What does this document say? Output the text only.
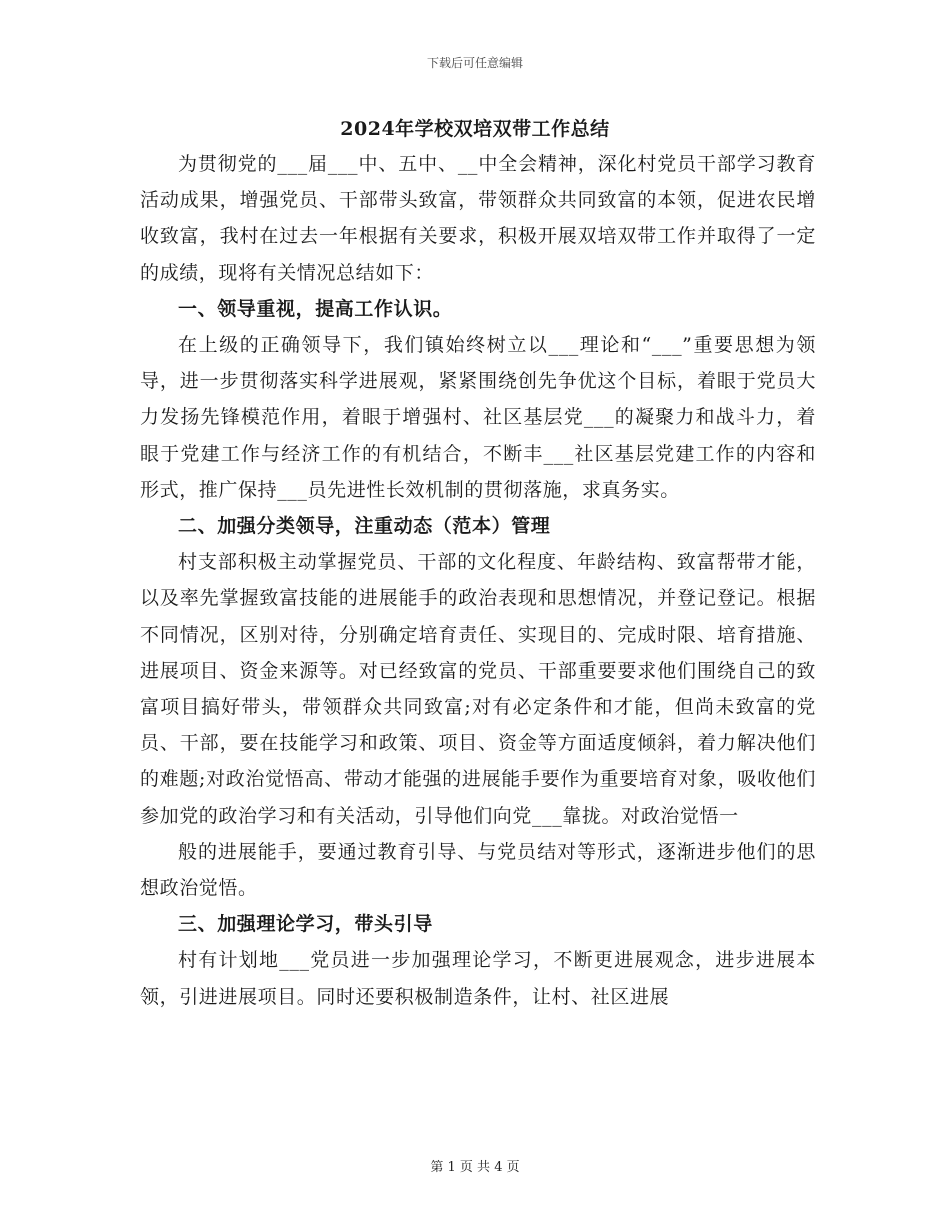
下载后可任意编辑
2024年学校双培双带工作总结

为贯彻党的___届___中、五中、__中全会精神，深化村党员干部学习教育活动成果，增强党员、干部带头致富，带领群众共同致富的本领，促进农民增收致富，我村在过去一年根据有关要求，积极开展双培双带工作并取得了一定的成绩，现将有关情况总结如下：

一、领导重视，提高工作认识。

在上级的正确领导下，我们镇始终树立以___理论和“___”重要思想为领导，进一步贯彻落实科学进展观，紧紧围绕创先争优这个目标，着眼于党员大力发扬先锋模范作用，着眼于增强村、社区基层党___的凝聚力和战斗力，着眼于党建工作与经济工作的有机结合，不断丰___社区基层党建工作的内容和形式，推广保持___员先进性长效机制的贯彻落施，求真务实。

二、加强分类领导，注重动态（范本）管理

村支部积极主动掌握党员、干部的文化程度、年龄结构、致富帮带才能，以及率先掌握致富技能的进展能手的政治表现和思想情况，并登记登记。根据不同情况，区别对待，分别确定培育责任、实现目的、完成时限、培育措施、进展项目、资金来源等。对已经致富的党员、干部重要要求他们围绕自己的致富项目搞好带头，带领群众共同致富;对有必定条件和才能，但尚未致富的党员、干部，要在技能学习和政策、项目、资金等方面适度倾斜，着力解决他们的难题;对政治觉悟高、带动才能强的进展能手要作为重要培育对象，吸收他们参加党的政治学习和有关活动，引导他们向党___靠拢。对政治觉悟一

般的进展能手，要通过教育引导、与党员结对等形式，逐渐进步他们的思想政治觉悟。

三、加强理论学习，带头引导

村有计划地___党员进一步加强理论学习，不断更进展观念，进步进展本领，引进进展项目。同时还要积极制造条件，让村、社区进展

第 1 页 共 4 页
